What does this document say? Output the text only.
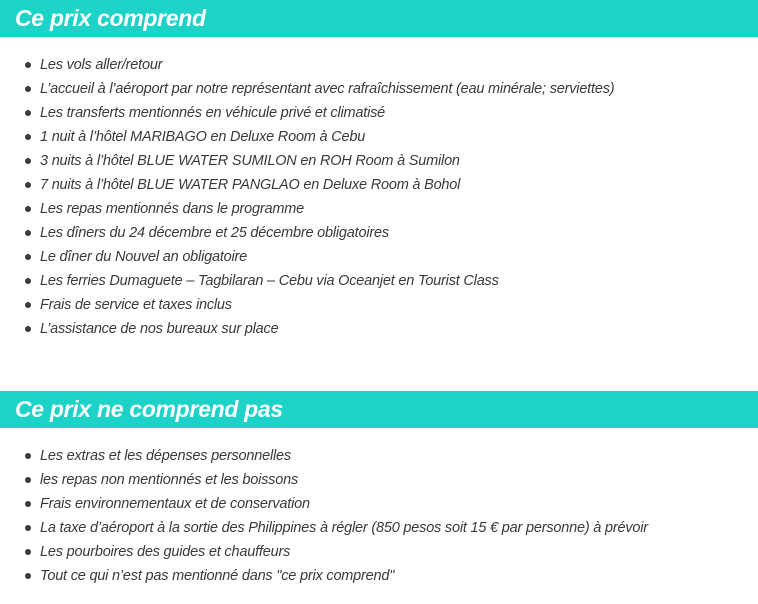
Ce prix comprend
Les vols aller/retour
L’accueil à l’aéroport par notre représentant avec rafraîchissement (eau minérale; serviettes)
Les transferts mentionnés en véhicule privé et climatisé
1 nuit à l’hôtel MARIBAGO en Deluxe Room à Cebu
3 nuits à l’hôtel BLUE WATER SUMILON en ROH Room à Sumilon
7 nuits à l’hôtel BLUE WATER PANGLAO en Deluxe Room à Bohol
Les repas mentionnés dans le programme
Les dîners du 24 décembre et 25 décembre obligatoires
Le dîner du Nouvel an obligatoire
Les ferries Dumaguete – Tagbilaran – Cebu via Oceanjet en Tourist Class
Frais de service et taxes inclus
L’assistance de nos bureaux sur place
Ce prix ne comprend pas
Les extras et les dépenses personnelles
les repas non mentionnés et les boissons
Frais environnementaux et de conservation
La taxe d’aéroport à la sortie des Philippines à régler (850 pesos soit 15 € par personne) à prévoir
Les pourboires des guides et chauffeurs
Tout ce qui n’est pas mentionné dans "ce prix comprend"
